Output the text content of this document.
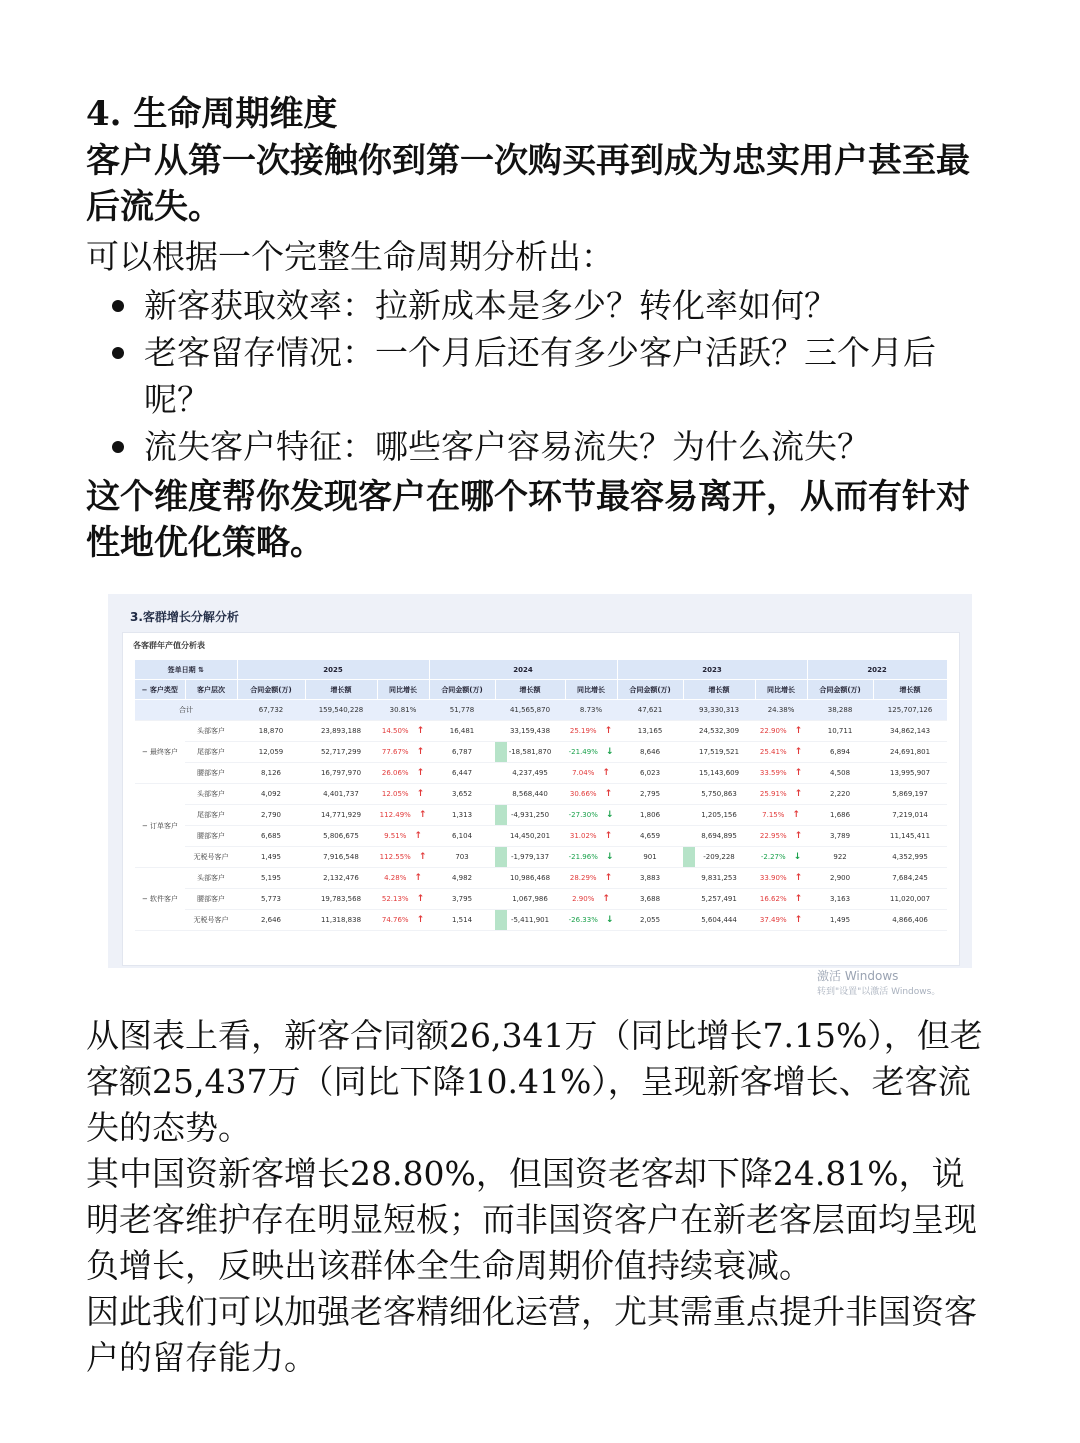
4. 生命周期维度
客户从第一次接触你到第一次购买再到成为忠实用户甚至最后流失。
可以根据一个完整生命周期分析出：
新客获取效率：拉新成本是多少？转化率如何？
老客留存情况：一个月后还有多少客户活跃？三个月后呢？
流失客户特征：哪些客户容易流失？为什么流失？
这个维度帮你发现客户在哪个环节最容易离开，从而有针对性地优化策略。
3.客群增长分解分析
各客群年产值分析表
签单日期 ⇅		2025			2024			2023			2022	
− 客户类型	客户层次	合同金额(万)	增长额	同比增长	合同金额(万)	增长额	同比增长	合同金额(万)	增长额	同比增长	合同金额(万)	增长额
合计		67,732	159,540,228	30.81%	51,778	41,565,870	8.73%	47,621	93,330,313	24.38%	38,288	125,707,126
− 最终客户	头部客户	18,870	23,893,188	14.50% ↑	16,481	33,159,438	25.19% ↑	13,165	24,532,309	22.90% ↑	10,711	34,862,143
	尾部客户	12,059	52,717,299	77.67% ↑	6,787	-18,581,870	-21.49% ↓	8,646	17,519,521	25.41% ↑	6,894	24,691,801
	腰部客户	8,126	16,797,970	26.06% ↑	6,447	4,237,495	7.04% ↑	6,023	15,143,609	33.59% ↑	4,508	13,995,907
− 订单客户	头部客户	4,092	4,401,737	12.05% ↑	3,652	8,568,440	30.66% ↑	2,795	5,750,863	25.91% ↑	2,220	5,869,197
	尾部客户	2,790	14,771,929	112.49% ↑	1,313	-4,931,250	-27.30% ↓	1,806	1,205,156	7.15% ↑	1,686	7,219,014
	腰部客户	6,685	5,806,675	9.51% ↑	6,104	14,450,201	31.02% ↑	4,659	8,694,895	22.95% ↑	3,789	11,145,411
	无税号客户	1,495	7,916,548	112.55% ↑	703	-1,979,137	-21.96% ↓	901	-209,228	-2.27% ↓	922	4,352,995
− 软件客户	头部客户	5,195	2,132,476	4.28% ↑	4,982	10,986,468	28.29% ↑	3,883	9,831,253	33.90% ↑	2,900	7,684,245
	腰部客户	5,773	19,783,568	52.13% ↑	3,795	1,067,986	2.90% ↑	3,688	5,257,491	16.62% ↑	3,163	11,020,007
	无税号客户	2,646	11,318,838	74.76% ↑	1,514	-5,411,901	-26.33% ↓	2,055	5,604,444	37.49% ↑	1,495	4,866,406
激活 Windows
转到"设置"以激活 Windows。
从图表上看，新客合同额26,341万（同比增长7.15%），但老客额25,437万（同比下降10.41%），呈现新客增长、老客流失的态势。
其中国资新客增长28.80%，但国资老客却下降24.81%，说明老客维护存在明显短板；而非国资客户在新老客层面均呈现负增长，反映出该群体全生命周期价值持续衰减。
因此我们可以加强老客精细化运营，尤其需重点提升非国资客户的留存能力。
